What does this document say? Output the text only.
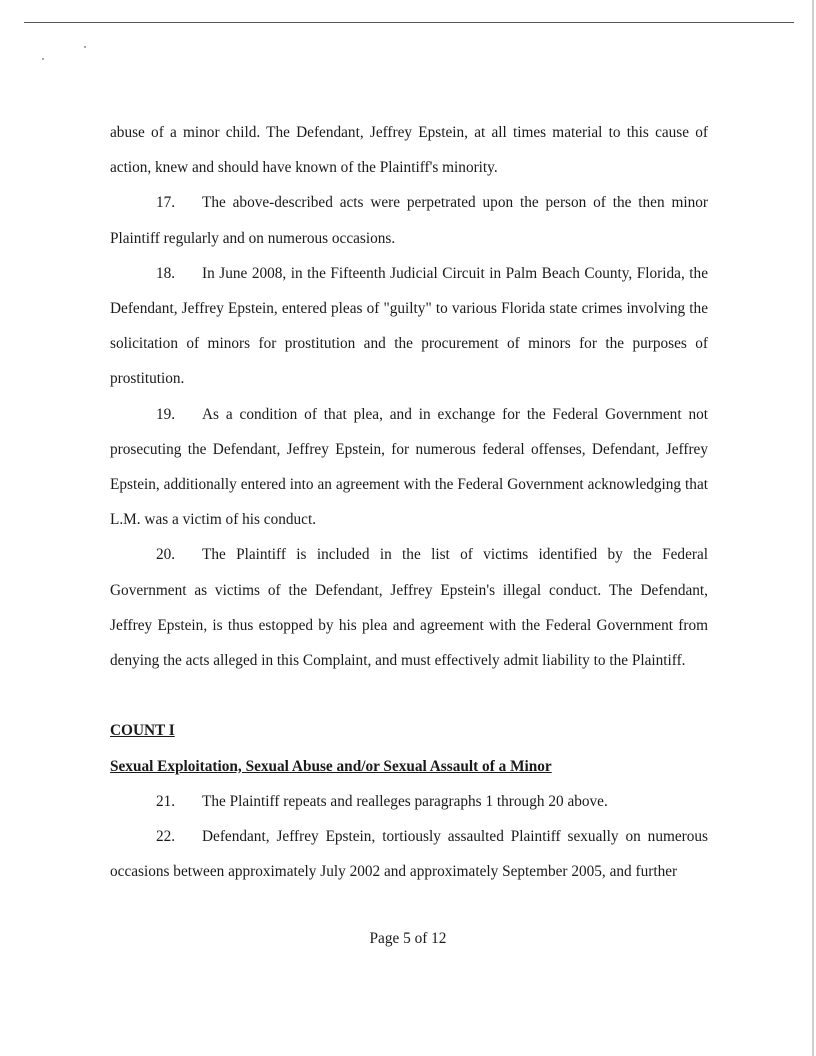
abuse of a minor child. The Defendant, Jeffrey Epstein, at all times material to this cause of action, knew and should have known of the Plaintiff's minority.

17. The above-described acts were perpetrated upon the person of the then minor Plaintiff regularly and on numerous occasions.

18. In June 2008, in the Fifteenth Judicial Circuit in Palm Beach County, Florida, the Defendant, Jeffrey Epstein, entered pleas of "guilty" to various Florida state crimes involving the solicitation of minors for prostitution and the procurement of minors for the purposes of prostitution.

19. As a condition of that plea, and in exchange for the Federal Government not prosecuting the Defendant, Jeffrey Epstein, for numerous federal offenses, Defendant, Jeffrey Epstein, additionally entered into an agreement with the Federal Government acknowledging that L.M. was a victim of his conduct.

20. The Plaintiff is included in the list of victims identified by the Federal Government as victims of the Defendant, Jeffrey Epstein's illegal conduct. The Defendant, Jeffrey Epstein, is thus estopped by his plea and agreement with the Federal Government from denying the acts alleged in this Complaint, and must effectively admit liability to the Plaintiff.

COUNT I

Sexual Exploitation, Sexual Abuse and/or Sexual Assault of a Minor

21. The Plaintiff repeats and realleges paragraphs 1 through 20 above.

22. Defendant, Jeffrey Epstein, tortiously assaulted Plaintiff sexually on numerous occasions between approximately July 2002 and approximately September 2005, and further

Page 5 of 12
